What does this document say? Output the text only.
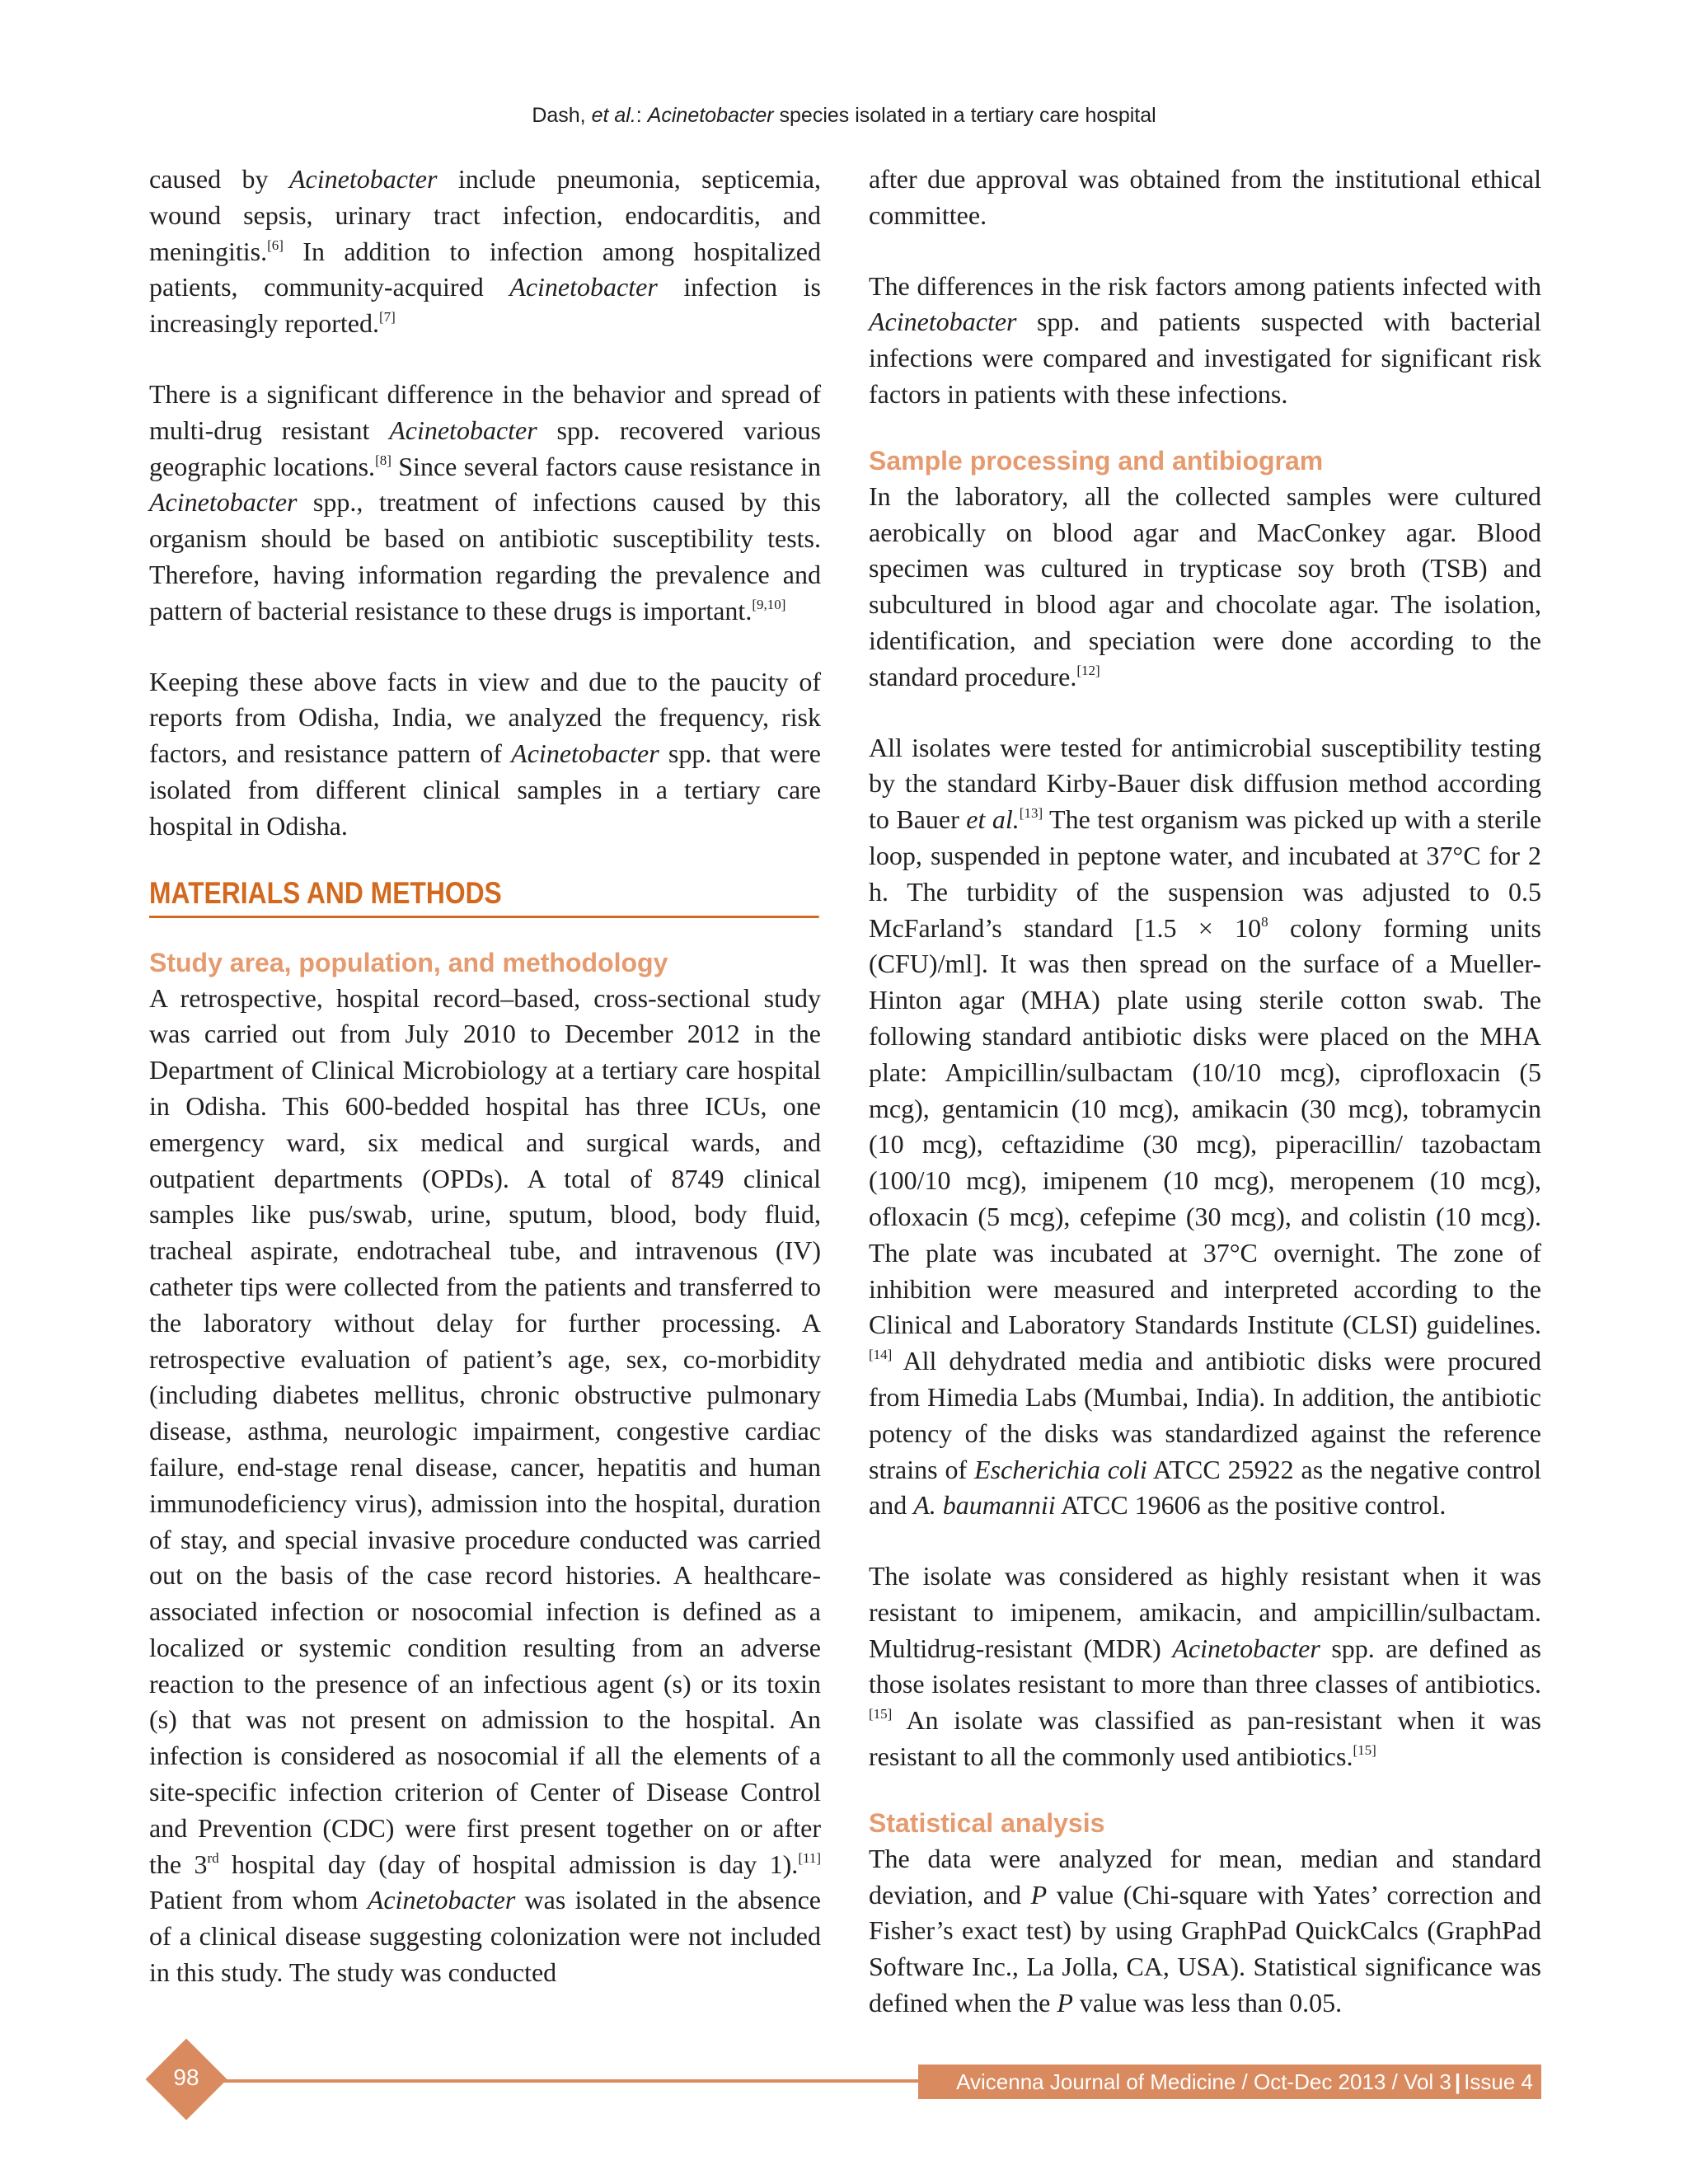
Dash, et al.: Acinetobacter species isolated in a tertiary care hospital

caused by Acinetobacter include pneumonia, septicemia, wound sepsis, urinary tract infection, endocarditis, and meningitis.[6] In addition to infection among hospitalized patients, community-acquired Acinetobacter infection is increasingly reported.[7]

There is a significant difference in the behavior and spread of multi-drug resistant Acinetobacter spp. recovered various geographic locations.[8] Since several factors cause resistance in Acinetobacter spp., treatment of infections caused by this organism should be based on antibiotic susceptibility tests. Therefore, having information regarding the prevalence and pattern of bacterial resistance to these drugs is important.[9,10]

Keeping these above facts in view and due to the paucity of reports from Odisha, India, we analyzed the frequency, risk factors, and resistance pattern of Acinetobacter spp. that were isolated from different clinical samples in a tertiary care hospital in Odisha.

MATERIALS AND METHODS
Study area, population, and methodology

A retrospective, hospital record–based, cross-sectional study was carried out from July 2010 to December 2012 in the Department of Clinical Microbiology at a tertiary care hospital in Odisha. This 600-bedded hospital has three ICUs, one emergency ward, six medical and surgical wards, and outpatient departments (OPDs). A total of 8749 clinical samples like pus/swab, urine, sputum, blood, body fluid, tracheal aspirate, endotracheal tube, and intravenous (IV) catheter tips were collected from the patients and transferred to the laboratory without delay for further processing. A retrospective evaluation of patient’s age, sex, co-morbidity (including diabetes mellitus, chronic obstructive pulmonary disease, asthma, neurologic impairment, congestive cardiac failure, end-stage renal disease, cancer, hepatitis and human immunodeficiency virus), admission into the hospital, duration of stay, and special invasive procedure conducted was carried out on the basis of the case record histories. A healthcare-associated infection or nosocomial infection is defined as a localized or systemic condition resulting from an adverse reaction to the presence of an infectious agent (s) or its toxin (s) that was not present on admission to the hospital. An infection is considered as nosocomial if all the elements of a site-specific infection criterion of Center of Disease Control and Prevention (CDC) were first present together on or after the 3rd hospital day (day of hospital admission is day 1).[11] Patient from whom Acinetobacter was isolated in the absence of a clinical disease suggesting colonization were not included in this study. The study was conducted

after due approval was obtained from the institutional ethical committee.

The differences in the risk factors among patients infected with Acinetobacter spp. and patients suspected with bacterial infections were compared and investigated for significant risk factors in patients with these infections.

Sample processing and antibiogram

In the laboratory, all the collected samples were cultured aerobically on blood agar and MacConkey agar. Blood specimen was cultured in trypticase soy broth (TSB) and subcultured in blood agar and chocolate agar. The isolation, identification, and speciation were done according to the standard procedure.[12]

All isolates were tested for antimicrobial susceptibility testing by the standard Kirby-Bauer disk diffusion method according to Bauer et al.[13] The test organism was picked up with a sterile loop, suspended in peptone water, and incubated at 37°C for 2 h. The turbidity of the suspension was adjusted to 0.5 McFarland’s standard [$1.5 \times 10^8$ colony forming units (CFU)/ml]. It was then spread on the surface of a Mueller-Hinton agar (MHA) plate using sterile cotton swab. The following standard antibiotic disks were placed on the MHA plate: Ampicillin/sulbactam (10/10 mcg), ciprofloxacin (5 mcg), gentamicin (10 mcg), amikacin (30 mcg), tobramycin (10 mcg), ceftazidime (30 mcg), piperacillin/ tazobactam (100/10 mcg), imipenem (10 mcg), meropenem (10 mcg), ofloxacin (5 mcg), cefepime (30 mcg), and colistin (10 mcg). The plate was incubated at 37°C overnight. The zone of inhibition were measured and interpreted according to the Clinical and Laboratory Standards Institute (CLSI) guidelines.[14] All dehydrated media and antibiotic disks were procured from Himedia Labs (Mumbai, India). In addition, the antibiotic potency of the disks was standardized against the reference strains of Escherichia coli ATCC 25922 as the negative control and A. baumannii ATCC 19606 as the positive control.

The isolate was considered as highly resistant when it was resistant to imipenem, amikacin, and ampicillin/sulbactam. Multidrug-resistant (MDR) Acinetobacter spp. are defined as those isolates resistant to more than three classes of antibiotics.[15] An isolate was classified as pan-resistant when it was resistant to all the commonly used antibiotics.[15]

Statistical analysis

The data were analyzed for mean, median and standard deviation, and P value (Chi-square with Yates’ correction and Fisher’s exact test) by using GraphPad QuickCalcs (GraphPad Software Inc., La Jolla, CA, USA). Statistical significance was defined when the P value was less than 0.05.

98	Avicenna Journal of Medicine / Oct-Dec 2013 / Vol 3 | Issue 4
